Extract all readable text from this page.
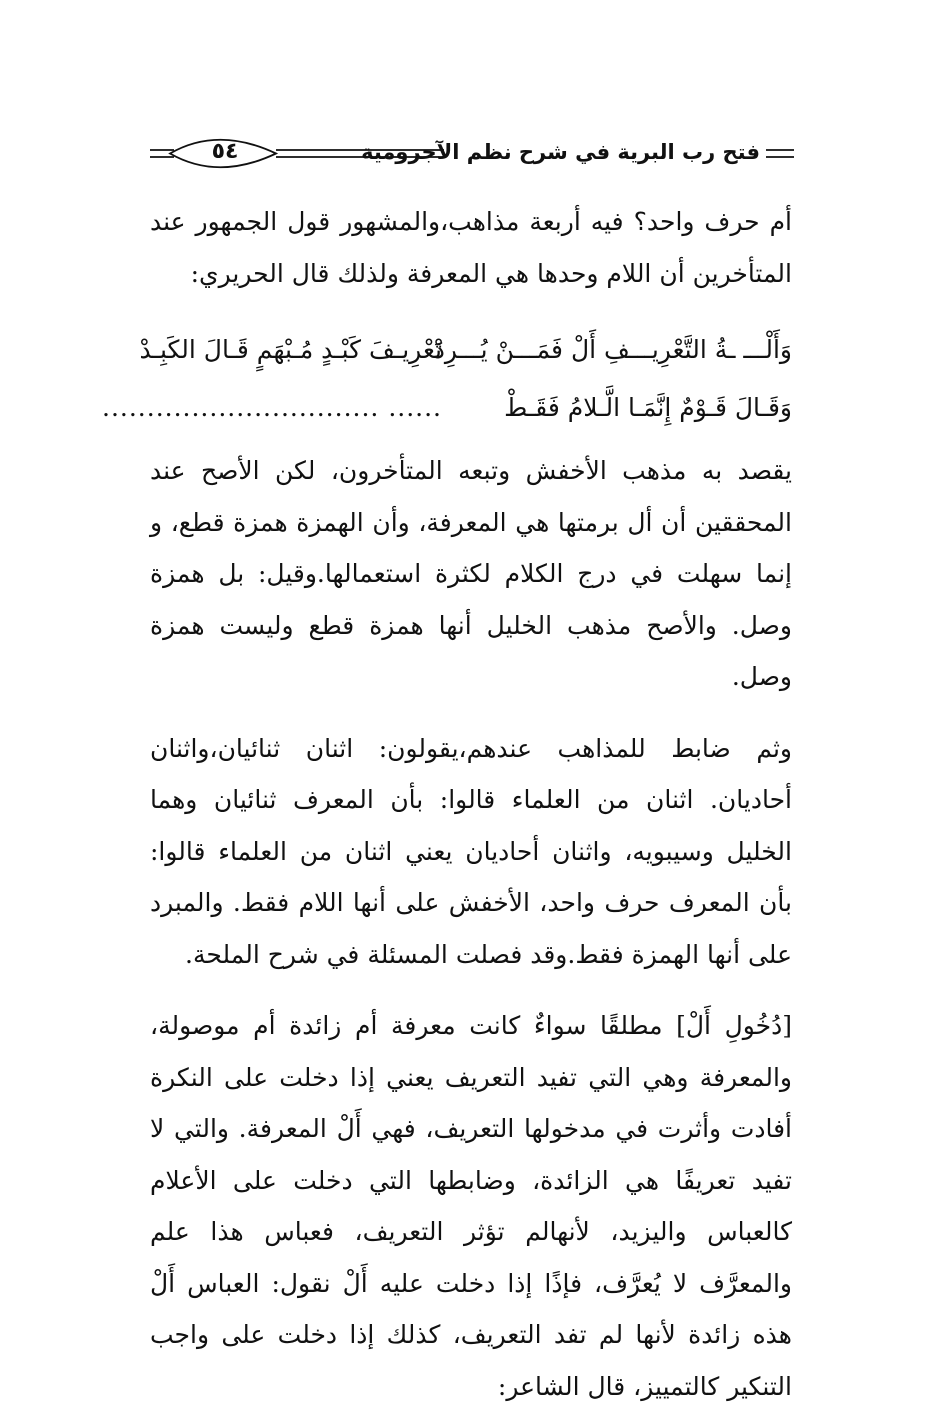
٥٤	فتح رب البرية في شرح نظم الآجرومية

أم حرف واحد؟ فيه أربعة مذاهب،والمشهور قول الجمهور عند المتأخرين أن اللام وحدها هي المعرفة ولذلك قال الحريري:

وَأَلْـــ ـةُ التَّعْرِيـــفِ أَلْ فَمَـــنْ يُـــرِدْ
تَعْرِيـفَ كَبْـدٍ مُـبْهَمٍ قَـالَ الكَبِـدْ
وَقَـالَ قَـوْمٌ إِنَّمَـا الَّـلامُ فَقَـطْ
...... ...............................

يقصد به مذهب الأخفش وتبعه المتأخرون، لكن الأصح عند المحققين أن أل برمتها هي المعرفة، وأن الهمزة همزة قطع، و إنما سهلت في درج الكلام لكثرة استعمالها.وقيل: بل همزة وصل. والأصح مذهب الخليل أنها همزة قطع وليست همزة وصل.

وثم ضابط للمذاهب عندهم،يقولون: اثنان ثنائيان،واثنان أحاديان. اثنان من العلماء قالوا: بأن المعرف ثنائيان وهما الخليل وسيبويه، واثنان أحاديان يعني اثنان من العلماء قالوا: بأن المعرف حرف واحد، الأخفش على أنها اللام فقط. والمبرد على أنها الهمزة فقط.وقد فصلت المسئلة في شرح الملحة.

[دُخُولِ أَلْ] مطلقًا سواءٌ كانت معرفة أم زائدة أم موصولة، والمعرفة وهي التي تفيد التعريف يعني إذا دخلت على النكرة أفادت وأثرت في مدخولها التعريف، فهي أَلْ المعرفة. والتي لا تفيد تعريفًا هي الزائدة، وضابطها التي دخلت على الأعلام كالعباس واليزيد، لأنهالم تؤثر التعريف، فعباس هذا علم والمعرَّف لا يُعرَّف، فإذًا إذا دخلت عليه أَلْ نقول: العباس أَلْ هذه زائدة لأنها لم تفد التعريف، كذلك إذا دخلت على واجب التنكير كالتمييز، قال الشاعر:
